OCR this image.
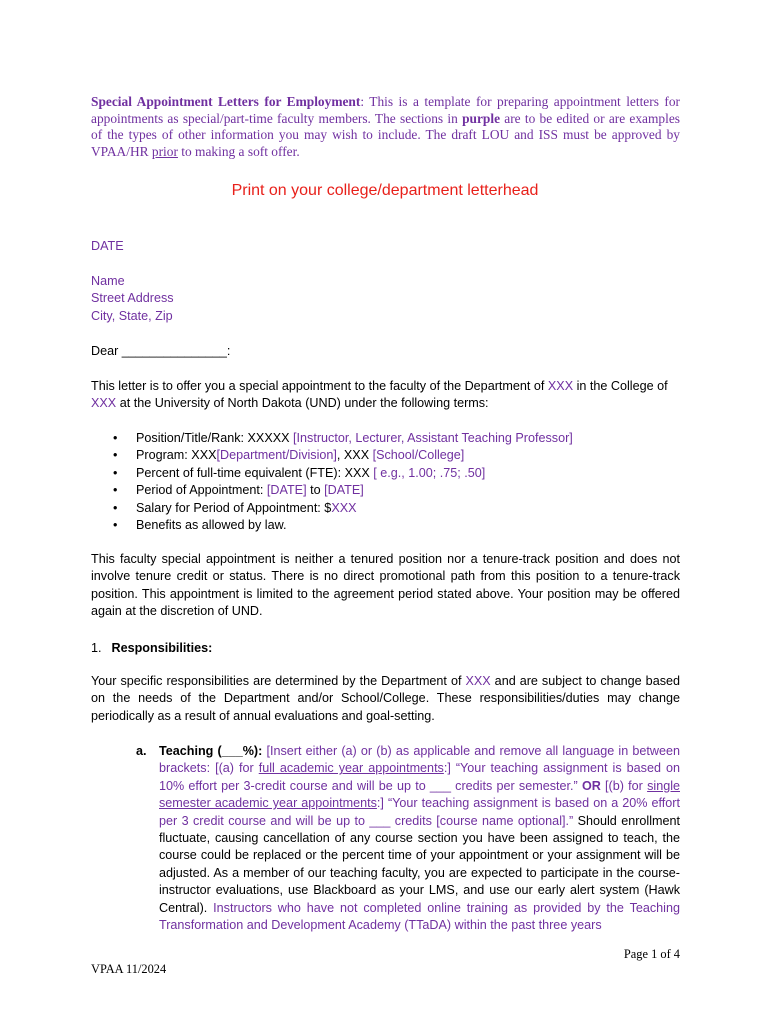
Special Appointment Letters for Employment: This is a template for preparing appointment letters for appointments as special/part-time faculty members. The sections in purple are to be edited or are examples of the types of other information you may wish to include. The draft LOU and ISS must be approved by VPAA/HR prior to making a soft offer.

Print on your college/department letterhead
DATE
Name
Street Address
City, State, Zip
Dear _______________:

This letter is to offer you a special appointment to the faculty of the Department of XXX in the College of XXX at the University of North Dakota (UND) under the following terms:

• Position/Title/Rank: XXXXX [Instructor, Lecturer, Assistant Teaching Professor]
• Program: XXX[Department/Division], XXX [School/College]
• Percent of full-time equivalent (FTE): XXX [ e.g., 1.00; .75; .50]
• Period of Appointment: [DATE] to [DATE]
• Salary for Period of Appointment: $XXX
• Benefits as allowed by law.

This faculty special appointment is neither a tenured position nor a tenure-track position and does not involve tenure credit or status. There is no direct promotional path from this position to a tenure-track position. This appointment is limited to the agreement period stated above. Your position may be offered again at the discretion of UND.

1. Responsibilities:

Your specific responsibilities are determined by the Department of XXX and are subject to change based on the needs of the Department and/or School/College. These responsibilities/duties may change periodically as a result of annual evaluations and goal-setting.

a. Teaching (___%): [Insert either (a) or (b) as applicable and remove all language in between brackets: [(a) for full academic year appointments:] “Your teaching assignment is based on 10% effort per 3-credit course and will be up to ___ credits per semester.” OR [(b) for single semester academic year appointments:] “Your teaching assignment is based on a 20% effort per 3 credit course and will be up to ___ credits [course name optional].” Should enrollment fluctuate, causing cancellation of any course section you have been assigned to teach, the course could be replaced or the percent time of your appointment or your assignment will be adjusted. As a member of our teaching faculty, you are expected to participate in the course-instructor evaluations, use Blackboard as your LMS, and use our early alert system (Hawk Central). Instructors who have not completed online training as provided by the Teaching Transformation and Development Academy (TTaDA) within the past three years

Page 1 of 4
VPAA 11/2024
